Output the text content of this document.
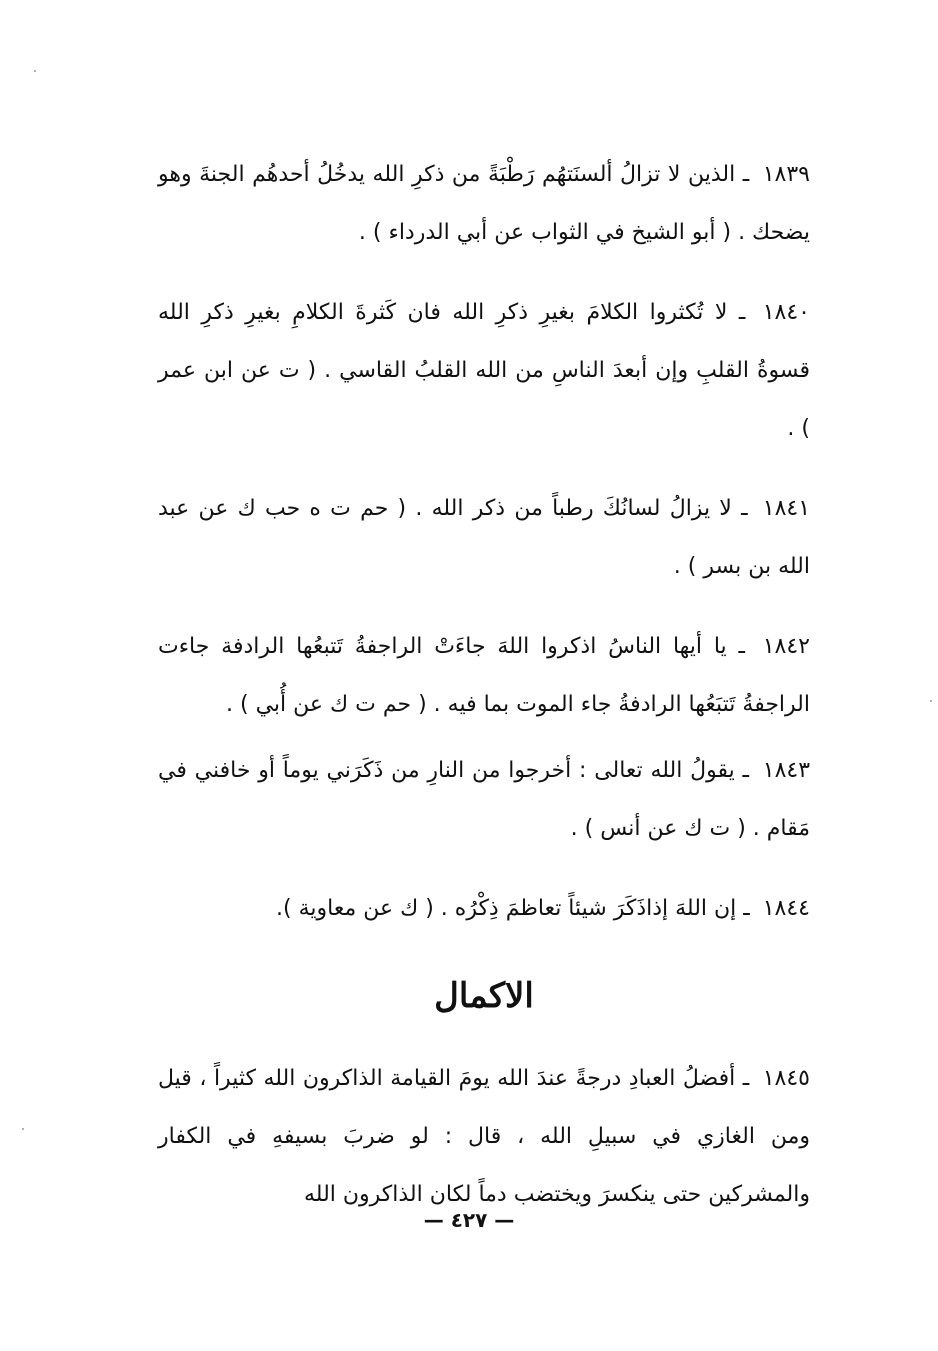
١٨٣٩ ـ الذين لا تزالُ ألسنَتهُم رَطْبَةً من ذكرِ الله يدخُلُ أحدهُم الجنةَ وهو يضحك . ( أبو الشيخ في الثواب عن أبي الدرداء ) .

١٨٤٠ ـ لا تُكثروا الكلامَ بغيرِ ذكرِ الله فان كَثرةَ الكلامِ بغيرِ ذكرِ الله قسوةُ القلبِ وإن أبعدَ الناسِ من الله القلبُ القاسي . ( ت عن ابن عمر ) .

١٨٤١ ـ لا يزالُ لسانُكَ رطباً من ذكر الله . ( حم ت ه حب ك عن عبد الله بن بسر ) .

١٨٤٢ ـ يا أيها الناسُ اذكروا اللهَ جاءَتْ الراجفةُ تَتبعُها الرادفة جاءت الراجفةُ تَتبَعُها الرادفةُ جاء الموت بما فيه . ( حم ت ك عن أُبي ) .

١٨٤٣ ـ يقولُ الله تعالى : أخرجوا من النارِ من ذَكَرَني يوماً أو خافني في مَقام . ( ت ك عن أنس ) .

١٨٤٤ ـ إن اللهَ إذاذَكَرَ شيئاً تعاظمَ ذِكْرُه . ( ك عن معاوية ).

الاكمال

١٨٤٥ ـ أفضلُ العبادِ درجةً عندَ الله يومَ القيامة الذاكرون الله كثيراً ، قيل ومن الغازي في سبيلِ الله ، قال : لو ضربَ بسيفهِ في الكفار والمشركين حتى ينكسرَ ويختضب دماً لكان الذاكرون الله

— ٤٢٧ —
